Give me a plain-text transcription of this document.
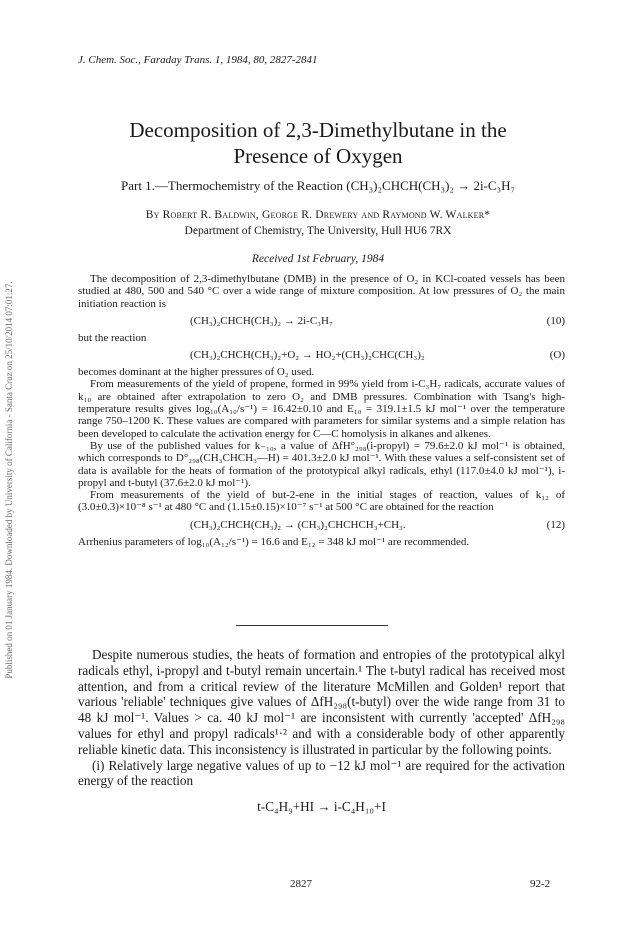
J. Chem. Soc., Faraday Trans. 1, 1984, 80, 2827-2841
Published on 01 January 1984. Downloaded by University of California - Santa Cruz on 25/10/2014 07:01:27.
Decomposition of 2,3-Dimethylbutane in the
Presence of Oxygen
Part 1.—Thermochemistry of the Reaction (CH₃)₂CHCH(CH₃)₂ → 2i-C₃H₇
By Robert R. Baldwin, George R. Drewery and Raymond W. Walker*
Department of Chemistry, The University, Hull HU6 7RX
Received 1st February, 1984

The decomposition of 2,3-dimethylbutane (DMB) in the presence of O₂ in KCl-coated vessels has been studied at 480, 500 and 540 °C over a wide range of mixture composition. At low pressures of O₂ the main initiation reaction is

(CH₃)₂CHCH(CH₃)₂ → 2i-C₃H₇	(10)

but the reaction

(CH₃)₂CHCH(CH₃)₂+O₂ → HO₂+(CH₃)₂CHC(CH₃)₂	(O)

becomes dominant at the higher pressures of O₂ used.

From measurements of the yield of propene, formed in 99% yield from i-C₃H₇ radicals, accurate values of k₁₀ are obtained after extrapolation to zero O₂ and DMB pressures. Combination with Tsang's high-temperature results gives log₁₀(A₁₀/s⁻¹) = 16.42±0.10 and E₁₀ = 319.1±1.5 kJ mol⁻¹ over the temperature range 750–1200 K. These values are compared with parameters for similar systems and a simple relation has been developed to calculate the activation energy for C—C homolysis in alkanes and alkenes.

By use of the published values for k₋₁₀, a value of ΔfH°₂₉₈(i-propyl) = 79.6±2.0 kJ mol⁻¹ is obtained, which corresponds to D°₂₉₈(CH₃CHCH₃—H) = 401.3±2.0 kJ mol⁻¹. With these values a self-consistent set of data is available for the heats of formation of the prototypical alkyl radicals, ethyl (117.0±4.0 kJ mol⁻¹), i-propyl and t-butyl (37.6±2.0 kJ mol⁻¹).

From measurements of the yield of but-2-ene in the initial stages of reaction, values of k₁₂ of (3.0±0.3)×10⁻⁸ s⁻¹ at 480 °C and (1.15±0.15)×10⁻⁷ s⁻¹ at 500 °C are obtained for the reaction

(CH₃)₂CHCH(CH₃)₂ → (CH₃)₂CHCHCH₃+CH₃.	(12)

Arrhenius parameters of log₁₀(A₁₂/s⁻¹) = 16.6 and E₁₂ = 348 kJ mol⁻¹ are recommended.

Despite numerous studies, the heats of formation and entropies of the prototypical alkyl radicals ethyl, i-propyl and t-butyl remain uncertain.¹ The t-butyl radical has received most attention, and from a critical review of the literature McMillen and Golden¹ report that various 'reliable' techniques give values of ΔfH₂₉₈(t-butyl) over the wide range from 31 to 48 kJ mol⁻¹. Values > ca. 40 kJ mol⁻¹ are inconsistent with currently 'accepted' ΔfH₂₉₈ values for ethyl and propyl radicals¹·² and with a considerable body of other apparently reliable kinetic data. This inconsistency is illustrated in particular by the following points.

(i) Relatively large negative values of up to −12 kJ mol⁻¹ are required for the activation energy of the reaction

t-C₄H₉+HI → i-C₄H₁₀+I
2827	92-2
